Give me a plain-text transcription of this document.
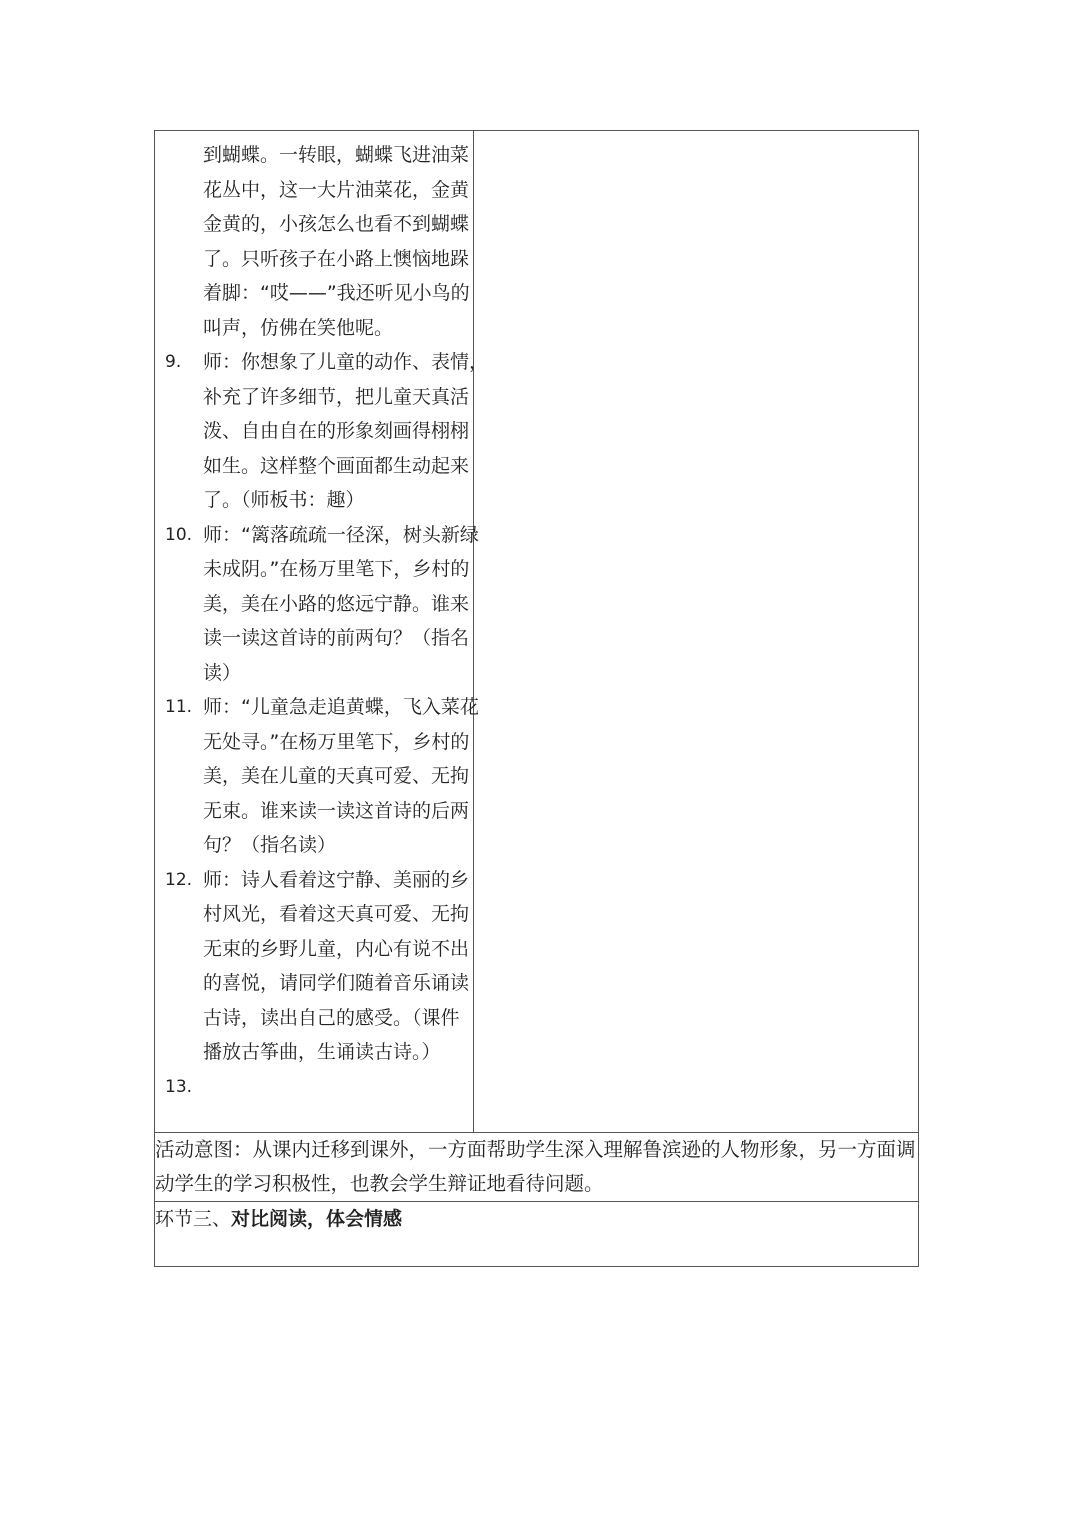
到蝴蝶。一转眼，蝴蝶飞进油菜
花丛中，这一大片油菜花，金黄
金黄的，小孩怎么也看不到蝴蝶
了。只听孩子在小路上懊恼地跺
着脚：“哎——”我还听见小鸟的
叫声，仿佛在笑他呢。
9. 师：你想象了儿童的动作、表情，
补充了许多细节，把儿童天真活
泼、自由自在的形象刻画得栩栩
如生。这样整个画面都生动起来
了。（师板书：趣）
10. 师：“篱落疏疏一径深，树头新绿
未成阴。”在杨万里笔下，乡村的
美，美在小路的悠远宁静。谁来
读一读这首诗的前两句？（指名
读）
11. 师：“儿童急走追黄蝶，飞入菜花
无处寻。”在杨万里笔下，乡村的
美，美在儿童的天真可爱、无拘
无束。谁来读一读这首诗的后两
句？（指名读）
12. 师：诗人看着这宁静、美丽的乡
村风光，看着这天真可爱、无拘
无束的乡野儿童，内心有说不出
的喜悦，请同学们随着音乐诵读
古诗，读出自己的感受。（课件
播放古筝曲，生诵读古诗。）
13.

活动意图：从课内迁移到课外，一方面帮助学生深入理解鲁滨逊的人物形象，另一方面调动学生的学习积极性，也教会学生辩证地看待问题。
环节三、对比阅读，体会情感
